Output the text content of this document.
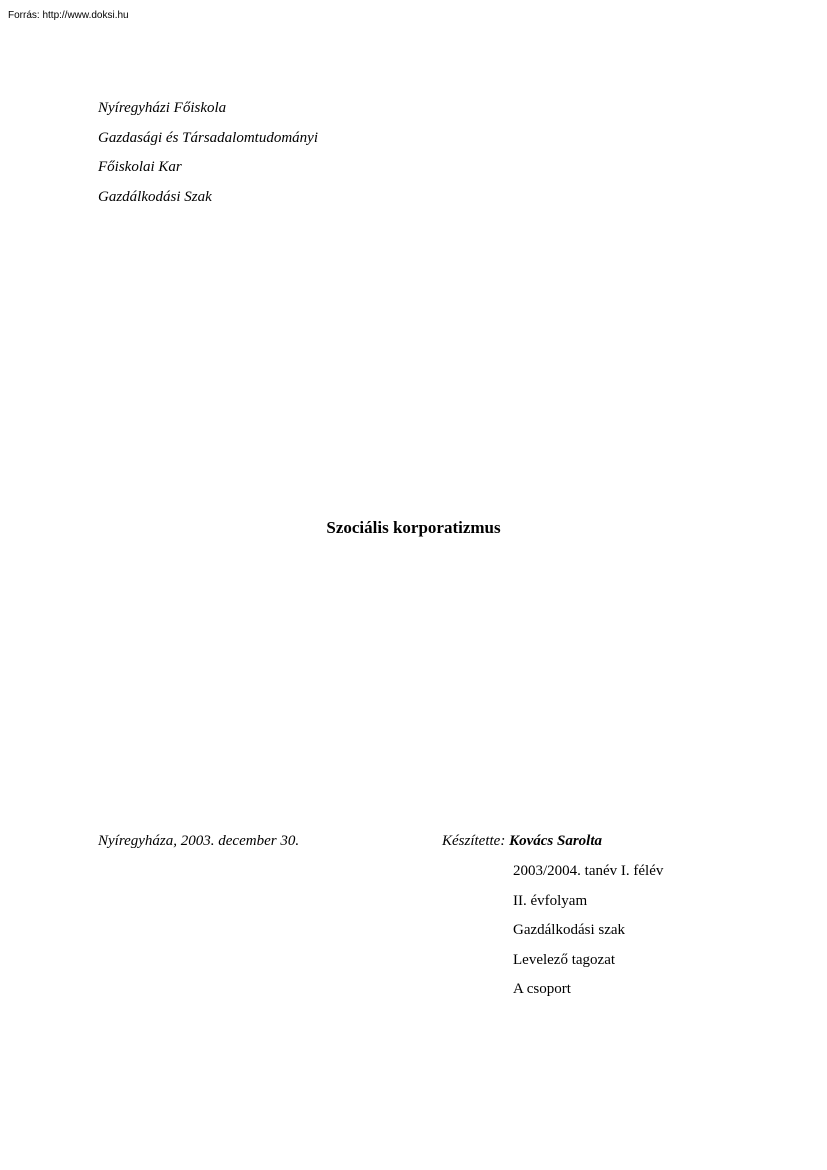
Forrás: http://www.doksi.hu
Nyíregyházi Főiskola
Gazdasági és Társadalomtudományi
Főiskolai Kar
Gazdálkodási Szak
Szociális korporatizmus
Nyíregyháza, 2003. december 30.	Készítette: Kovács Sarolta
2003/2004. tanév I. félév
II. évfolyam
Gazdálkodási szak
Levelező tagozat
A csoport
